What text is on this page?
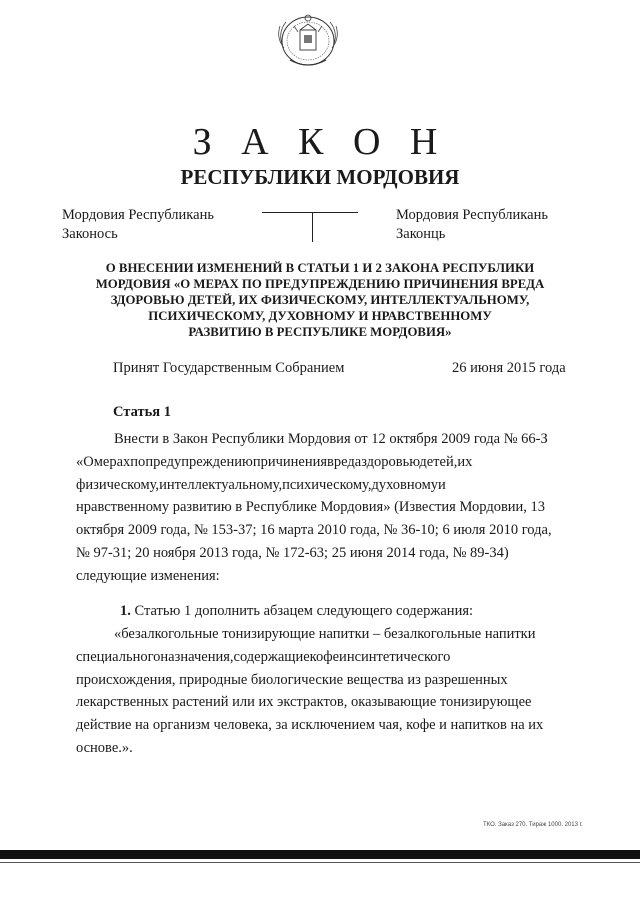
З А К О Н
РЕСПУБЛИКИ МОРДОВИЯ
Мордовия Республикань
Законось
Мордовия Республикань
Законць
О ВНЕСЕНИИ ИЗМЕНЕНИЙ В СТАТЬИ 1 И 2 ЗАКОНА РЕСПУБЛИКИ
МОРДОВИЯ «О МЕРАХ ПО ПРЕДУПРЕЖДЕНИЮ ПРИЧИНЕНИЯ ВРЕДА
ЗДОРОВЬЮ ДЕТЕЙ, ИХ ФИЗИЧЕСКОМУ, ИНТЕЛЛЕКТУАЛЬНОМУ,
ПСИХИЧЕСКОМУ, ДУХОВНОМУ И НРАВСТВЕННОМУ
РАЗВИТИЮ В РЕСПУБЛИКЕ МОРДОВИЯ»
Принят Государственным Собранием	26 июня 2015 года
Статья 1
Внести в Закон Республики Мордовия от 12 октября 2009 года № 66-З
«Омерахпопредупреждениюпричинениявредаздоровьюдетей,их
физическому,интеллектуальному,психическому,духовномуи
нравственному развитию в Республике Мордовия» (Известия Мордовии, 13
октября 2009 года, № 153-37; 16 марта 2010 года, № 36-10; 6 июля 2010 года,
№ 97-31; 20 ноября 2013 года, № 172-63; 25 июня 2014 года, № 89-34)
следующие изменения:
1. Статью 1 дополнить абзацем следующего содержания:
«безалкогольные тонизирующие напитки – безалкогольные напитки
специальногоназначения,содержащиекофеинсинтетического
происхождения, природные биологические вещества из разрешенных
лекарственных растений или их экстрактов, оказывающие тонизирующее
действие на организм человека, за исключением чая, кофе и напитков на их
основе.».
ТКО. Заказ 270. Тираж 1000. 2013 г.
